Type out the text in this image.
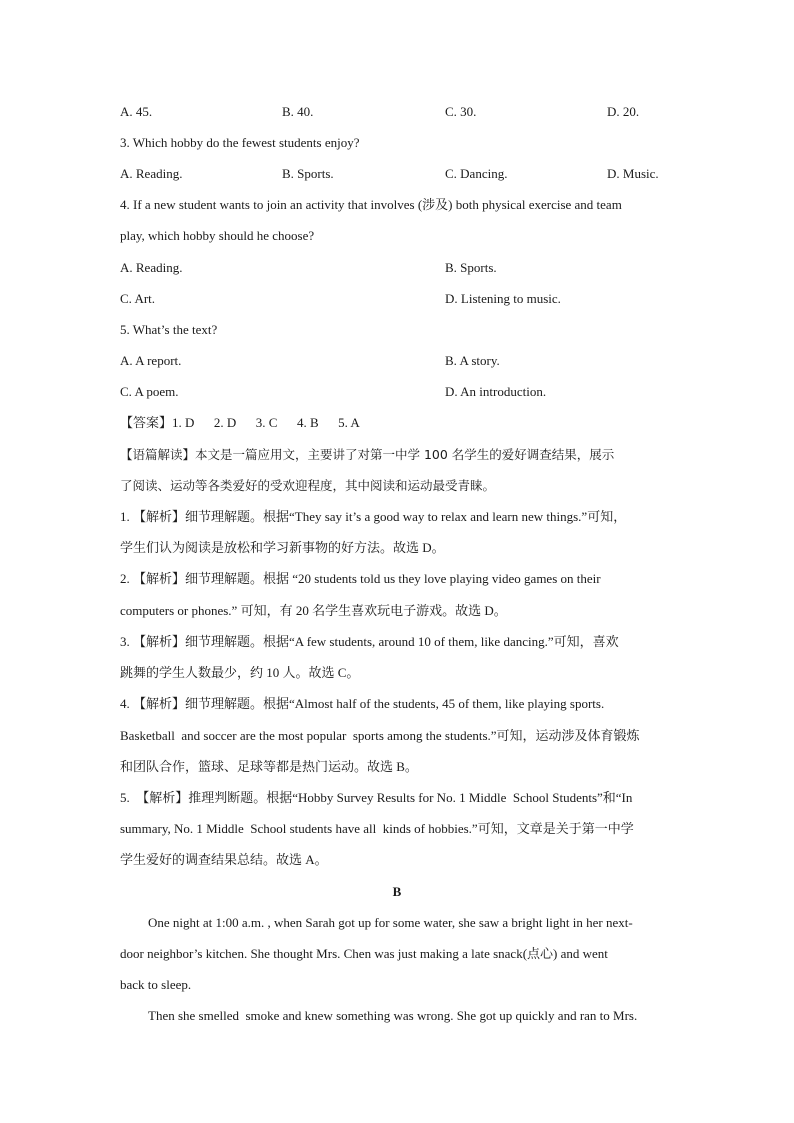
A. 45.	B. 40.	C. 30.	D. 20.
3. Which hobby do the fewest students enjoy?
A. Reading.	B. Sports.	C. Dancing.	D. Music.
4. If a new student wants to join an activity that involves (涉及) both physical exercise and team
play, which hobby should he choose?
A. Reading.	B. Sports.
C. Art.	D. Listening to music.
5. What’s the text?
A. A report.	B. A story.
C. A poem.	D. An introduction.
【答案】1. D      2. D      3. C      4. B      5. A
【语篇解读】本文是一篇应用文，主要讲了对第一中学 100 名学生的爱好调查结果，展示
了阅读、运动等各类爱好的受欢迎程度，其中阅读和运动最受青睐。
1. 【解析】细节理解题。根据“They say it’s a good way to relax and learn new things.”可知，
学生们认为阅读是放松和学习新事物的好方法。故选 D。
2. 【解析】细节理解题。根据 “20 students told us they love playing video games on their
computers or phones.” 可知，有 20 名学生喜欢玩电子游戏。故选 D。
3. 【解析】细节理解题。根据“A few students, around 10 of them, like dancing.”可知，喜欢
跳舞的学生人数最少，约 10 人。故选 C。
4. 【解析】细节理解题。根据“Almost half of the students, 45 of them, like playing sports.
Basketball  and soccer are the most popular  sports among the students.”可知，运动涉及体育锻炼
和团队合作，篮球、足球等都是热门运动。故选 B。
5.  【解析】推理判断题。根据“Hobby Survey Results for No. 1 Middle  School Students”和“In
summary, No. 1 Middle  School students have all  kinds of hobbies.”可知，文章是关于第一中学
学生爱好的调查结果总结。故选 A。
B
One night at 1:00 a.m. , when Sarah got up for some water, she saw a bright light in her next-
door neighbor’s kitchen. She thought Mrs. Chen was just making a late snack(点心) and went
back to sleep.
Then she smelled  smoke and knew something was wrong. She got up quickly and ran to Mrs.
